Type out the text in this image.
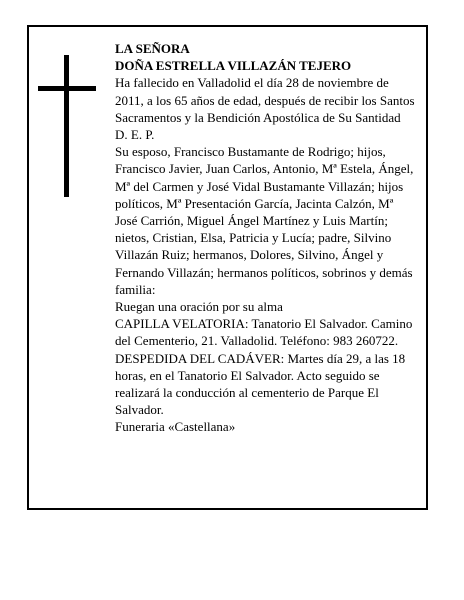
LA SEÑORA

DOÑA ESTRELLA VILLAZÁN TEJERO

Ha fallecido en Valladolid el día 28 de noviembre de 2011, a los 65 años de edad, después de recibir los Santos Sacramentos y la Bendición Apostólica de Su Santidad

D. E. P.

Su esposo, Francisco Bustamante de Rodrigo; hijos, Francisco Javier, Juan Carlos, Antonio, Mª Estela, Ángel, Mª del Carmen y José Vidal Bustamante Villazán; hijos políticos, Mª Presentación García, Jacinta Calzón, Mª José Carrión, Miguel Ángel Martínez y Luis Martín; nietos, Cristian, Elsa, Patricia y Lucía; padre, Silvino Villazán Ruiz; hermanos, Dolores, Silvino, Ángel y Fernando Villazán; hermanos políticos, sobrinos y demás familia:

Ruegan una oración por su alma

CAPILLA VELATORIA: Tanatorio El Salvador. Camino del Cementerio, 21. Valladolid. Teléfono: 983 260722.

DESPEDIDA DEL CADÁVER: Martes día 29, a las 18 horas, en el Tanatorio El Salvador. Acto seguido se realizará la conducción al cementerio de Parque El Salvador.

Funeraria «Castellana»
